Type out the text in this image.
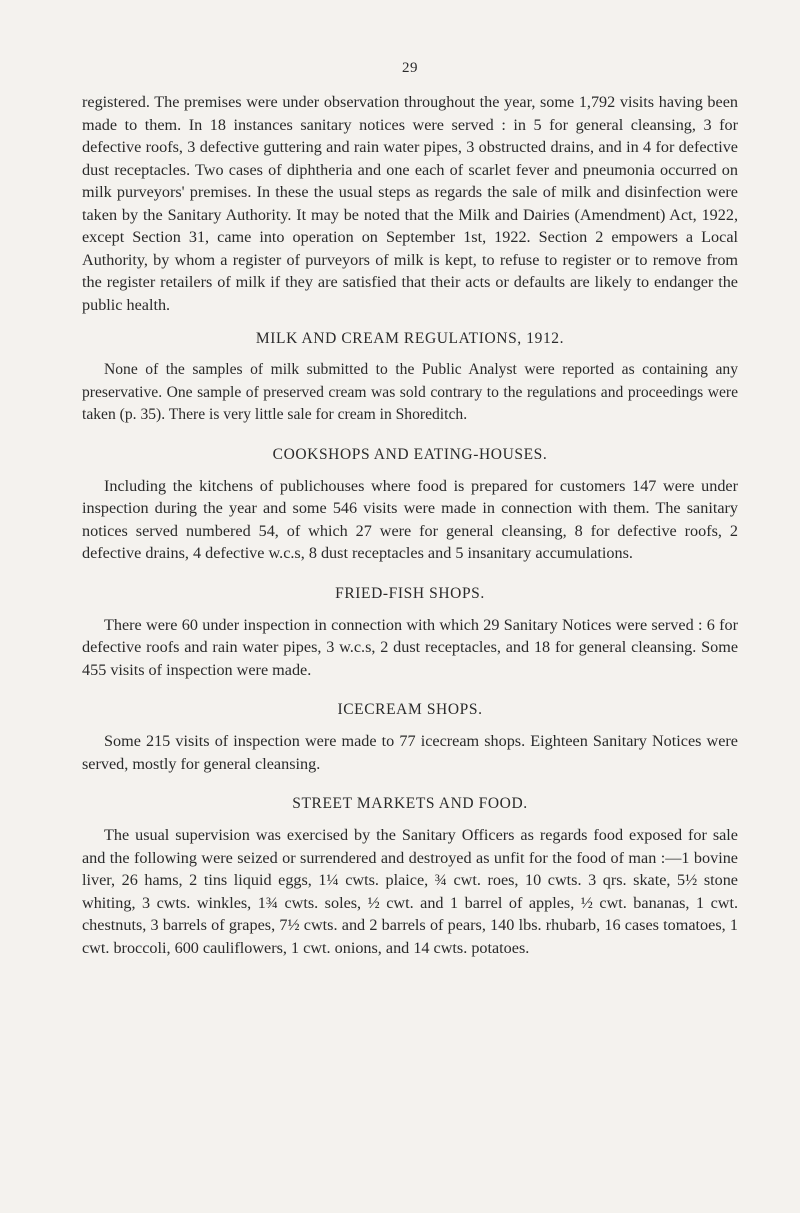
29

registered. The premises were under observation throughout the year, some 1,792 visits having been made to them. In 18 instances sanitary notices were served : in 5 for general cleansing, 3 for defective roofs, 3 defective guttering and rain water pipes, 3 obstructed drains, and in 4 for defective dust receptacles. Two cases of diphtheria and one each of scarlet fever and pneumonia occurred on milk purveyors' premises. In these the usual steps as regards the sale of milk and disinfection were taken by the Sanitary Authority. It may be noted that the Milk and Dairies (Amendment) Act, 1922, except Section 31, came into operation on September 1st, 1922. Section 2 empowers a Local Authority, by whom a register of purveyors of milk is kept, to refuse to register or to remove from the register retailers of milk if they are satisfied that their acts or defaults are likely to endanger the public health.

MILK AND CREAM REGULATIONS, 1912.

None of the samples of milk submitted to the Public Analyst were reported as containing any preservative. One sample of preserved cream was sold contrary to the regulations and proceedings were taken (p. 35). There is very little sale for cream in Shoreditch.

COOKSHOPS AND EATING-HOUSES.

Including the kitchens of publichouses where food is prepared for customers 147 were under inspection during the year and some 546 visits were made in connection with them. The sanitary notices served numbered 54, of which 27 were for general cleansing, 8 for defective roofs, 2 defective drains, 4 defective w.c.s, 8 dust receptacles and 5 insanitary accumulations.

FRIED-FISH SHOPS.

There were 60 under inspection in connection with which 29 Sanitary Notices were served : 6 for defective roofs and rain water pipes, 3 w.c.s, 2 dust receptacles, and 18 for general cleansing. Some 455 visits of inspection were made.

ICECREAM SHOPS.

Some 215 visits of inspection were made to 77 icecream shops. Eighteen Sanitary Notices were served, mostly for general cleansing.

STREET MARKETS AND FOOD.

The usual supervision was exercised by the Sanitary Officers as regards food exposed for sale and the following were seized or surrendered and destroyed as unfit for the food of man :—1 bovine liver, 26 hams, 2 tins liquid eggs, 1¼ cwts. plaice, ¾ cwt. roes, 10 cwts. 3 qrs. skate, 5½ stone whiting, 3 cwts. winkles, 1¾ cwts. soles, ½ cwt. and 1 barrel of apples, ½ cwt. bananas, 1 cwt. chestnuts, 3 barrels of grapes, 7½ cwts. and 2 barrels of pears, 140 lbs. rhubarb, 16 cases tomatoes, 1 cwt. broccoli, 600 cauliflowers, 1 cwt. onions, and 14 cwts. potatoes.
